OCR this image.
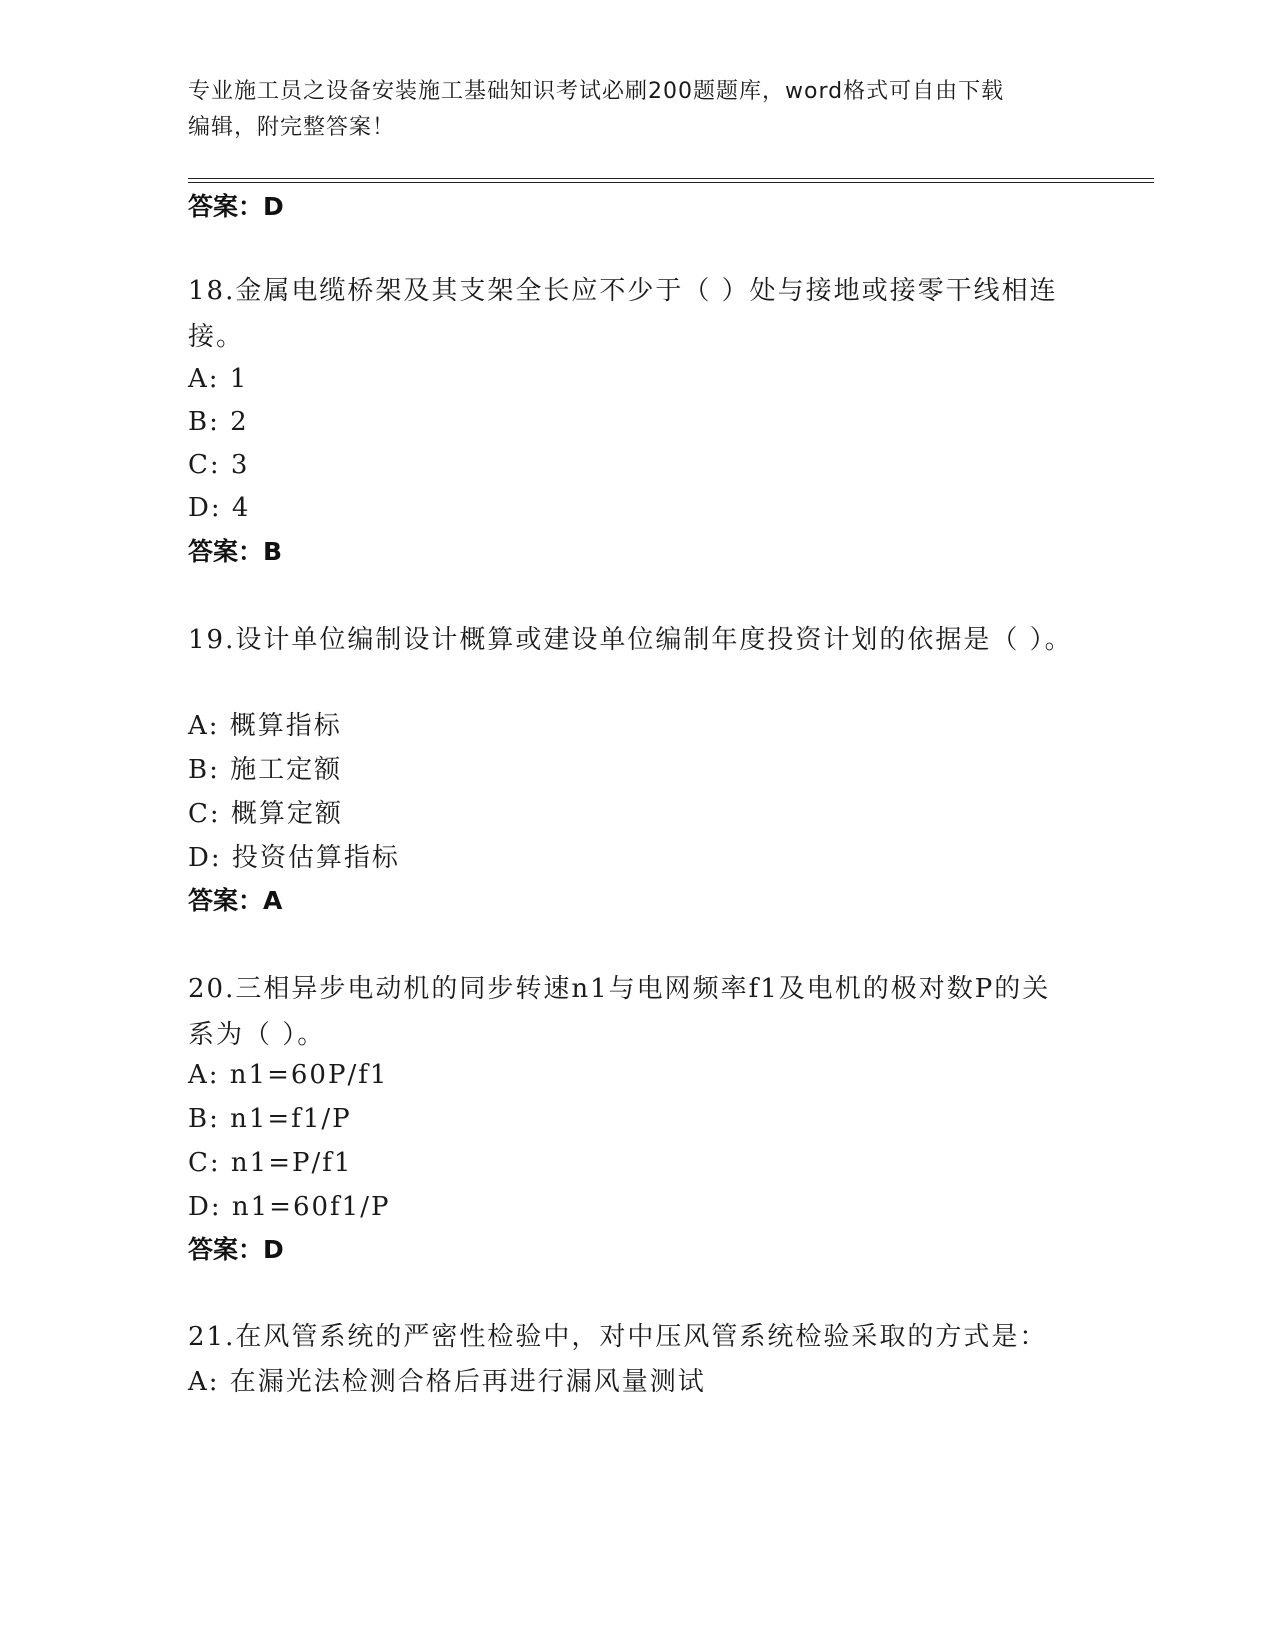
专业施工员之设备安装施工基础知识考试必刷200题题库，word格式可自由下载
编辑，附完整答案！
答案：D
18.金属电缆桥架及其支架全长应不少于（ ）处与接地或接零干线相连接。
A: 1
B: 2
C: 3
D: 4
答案：B
19.设计单位编制设计概算或建设单位编制年度投资计划的依据是（ ）。
A: 概算指标
B: 施工定额
C: 概算定额
D: 投资估算指标
答案：A
20.三相异步电动机的同步转速n1与电网频率f1及电机的极对数P的关系为（ ）。
A: n1=60P/f1
B: n1=f1/P
C: n1=P/f1
D: n1=60f1/P
答案：D
21.在风管系统的严密性检验中，对中压风管系统检验采取的方式是：
A: 在漏光法检测合格后再进行漏风量测试
